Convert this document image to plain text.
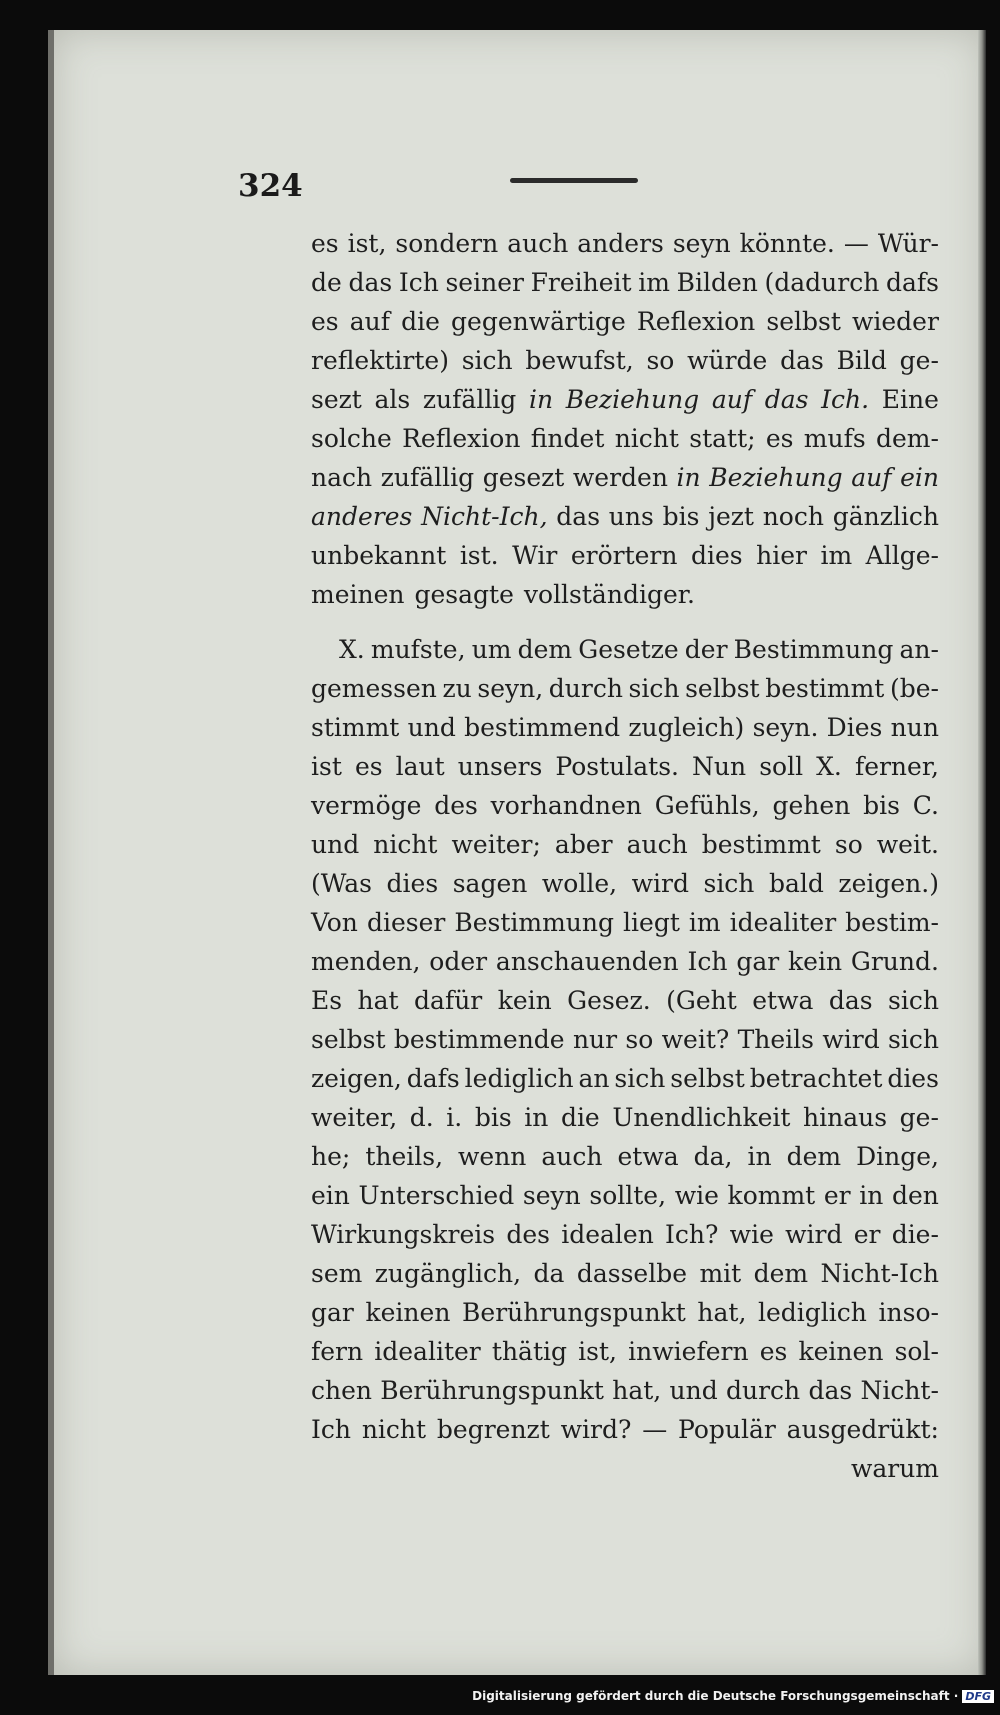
324
es ist, sondern auch anders seyn könnte. — Wür-
de das Ich seiner Freiheit im Bilden (dadurch dafs
es auf die gegenwärtige Reflexion selbst wieder
reflektirte) sich bewufst, so würde das Bild ge-
sezt als zufällig in Beziehung auf das Ich. Eine
solche Reflexion findet nicht statt; es mufs dem-
nach zufällig gesezt werden in Beziehung auf ein
anderes Nicht-Ich, das uns bis jezt noch gänzlich
unbekannt ist. Wir erörtern dies hier im Allge-
meinen gesagte vollständiger.
X. mufste, um dem Gesetze der Bestimmung an-
gemessen zu seyn, durch sich selbst bestimmt (be-
stimmt und bestimmend zugleich) seyn. Dies nun
ist es laut unsers Postulats. Nun soll X. ferner,
vermöge des vorhandnen Gefühls, gehen bis C.
und nicht weiter; aber auch bestimmt so weit.
(Was dies sagen wolle, wird sich bald zeigen.)
Von dieser Bestimmung liegt im idealiter bestim-
menden, oder anschauenden Ich gar kein Grund.
Es hat dafür kein Gesez. (Geht etwa das sich
selbst bestimmende nur so weit? Theils wird sich
zeigen, dafs lediglich an sich selbst betrachtet dies
weiter, d. i. bis in die Unendlichkeit hinaus ge-
he; theils, wenn auch etwa da, in dem Dinge,
ein Unterschied seyn sollte, wie kommt er in den
Wirkungskreis des idealen Ich? wie wird er die-
sem zugänglich, da dasselbe mit dem Nicht-Ich
gar keinen Berührungspunkt hat, lediglich inso-
fern idealiter thätig ist, inwiefern es keinen sol-
chen Berührungspunkt hat, und durch das Nicht-
Ich nicht begrenzt wird? — Populär ausgedrükt:
warum
Digitalisierung gefördert durch die Deutsche Forschungsgemeinschaft · DFG
